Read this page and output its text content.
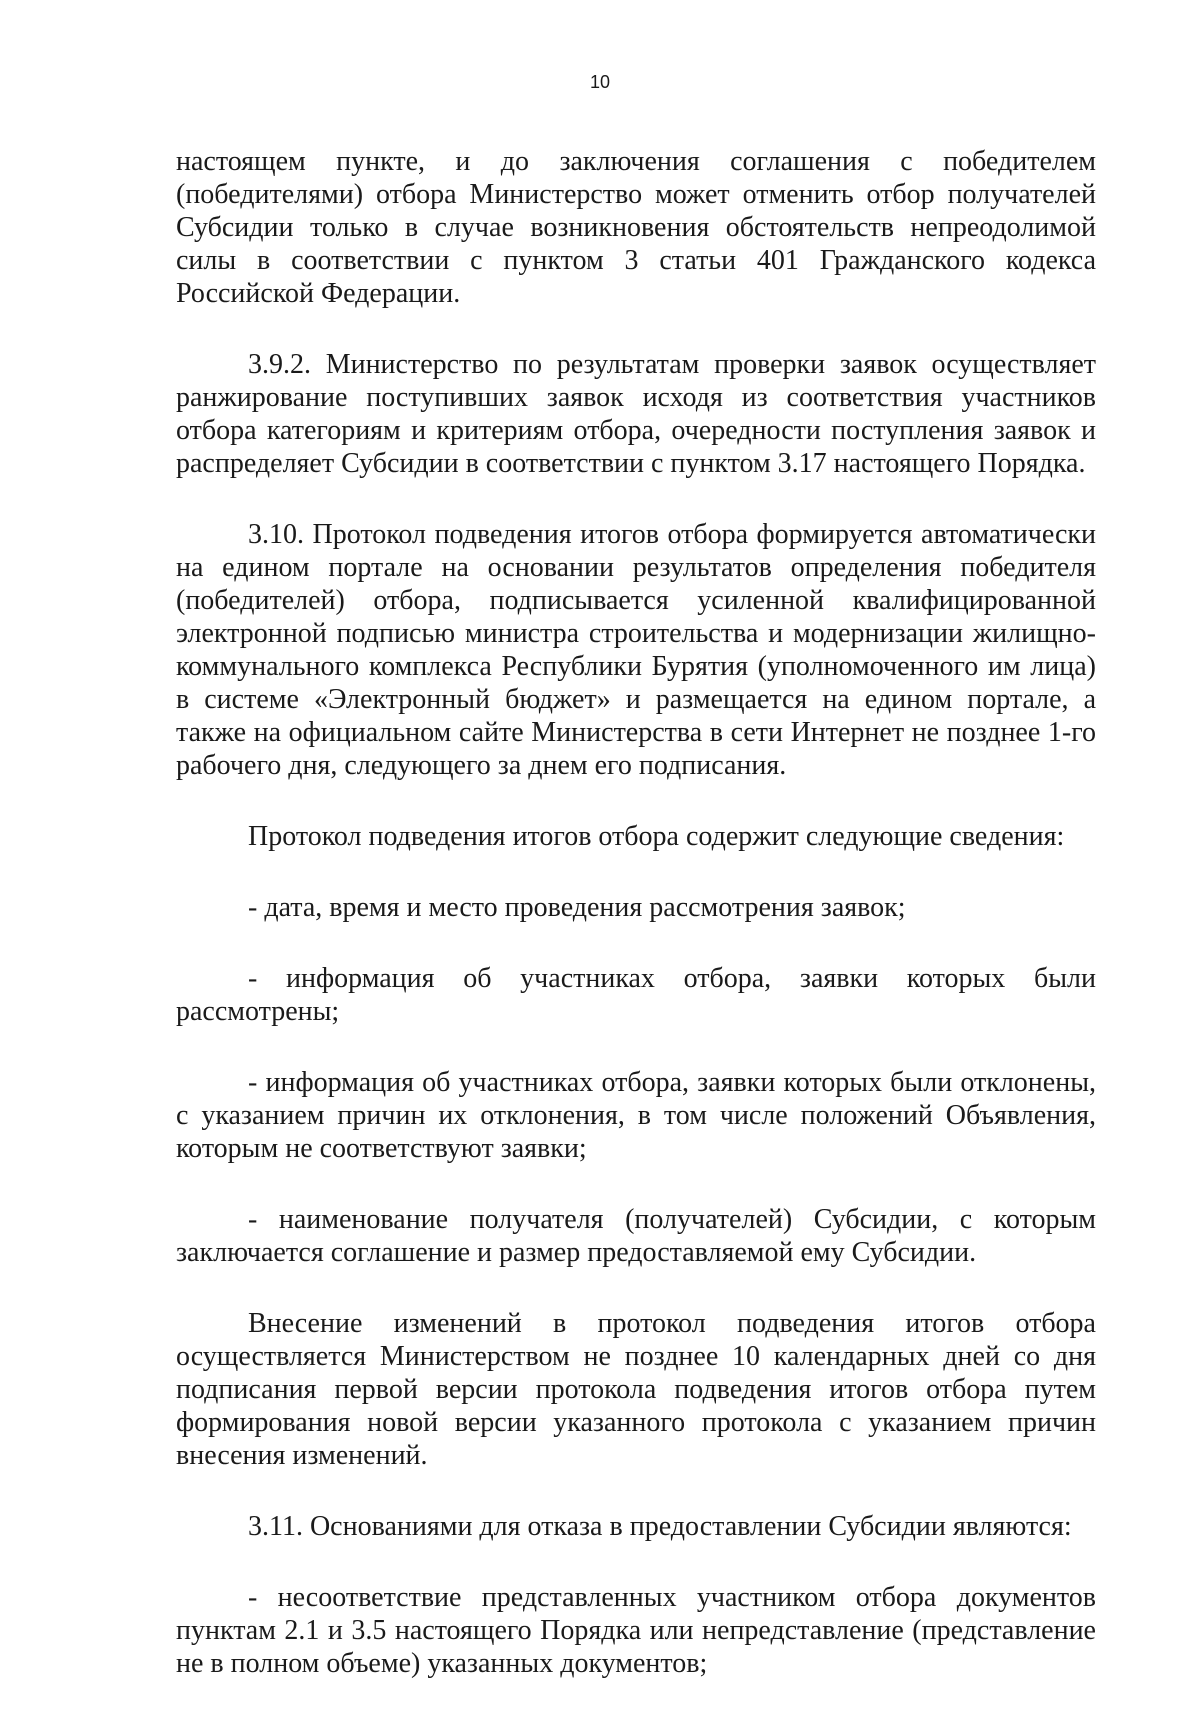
10

настоящем пункте, и до заключения соглашения с победителем (победителями) отбора Министерство может отменить отбор получателей Субсидии только в случае возникновения обстоятельств непреодолимой силы в соответствии с пунктом 3 статьи 401 Гражданского кодекса Российской Федерации.

3.9.2. Министерство по результатам проверки заявок осуществляет ранжирование поступивших заявок исходя из соответствия участников отбора категориям и критериям отбора, очередности поступления заявок и распределяет Субсидии в соответствии с пунктом 3.17 настоящего Порядка.

3.10. Протокол подведения итогов отбора формируется автоматически на едином портале на основании результатов определения победителя (победителей) отбора, подписывается усиленной квалифицированной электронной подписью министра строительства и модернизации жилищно-коммунального комплекса Республики Бурятия (уполномоченного им лица) в системе «Электронный бюджет» и размещается на едином портале, а также на официальном сайте Министерства в сети Интернет не позднее 1-го рабочего дня, следующего за днем его подписания.

Протокол подведения итогов отбора содержит следующие сведения:

- дата, время и место проведения рассмотрения заявок;

- информация об участниках отбора, заявки которых были рассмотрены;

- информация об участниках отбора, заявки которых были отклонены, с указанием причин их отклонения, в том числе положений Объявления, которым не соответствуют заявки;

- наименование получателя (получателей) Субсидии, с которым заключается соглашение и размер предоставляемой ему Субсидии.

Внесение изменений в протокол подведения итогов отбора осуществляется Министерством не позднее 10 календарных дней со дня подписания первой версии протокола подведения итогов отбора путем формирования новой версии указанного протокола с указанием причин внесения изменений.

3.11. Основаниями для отказа в предоставлении Субсидии являются:

- несоответствие представленных участником отбора документов пунктам 2.1 и 3.5 настоящего Порядка или непредставление (представление не в полном объеме) указанных документов;
